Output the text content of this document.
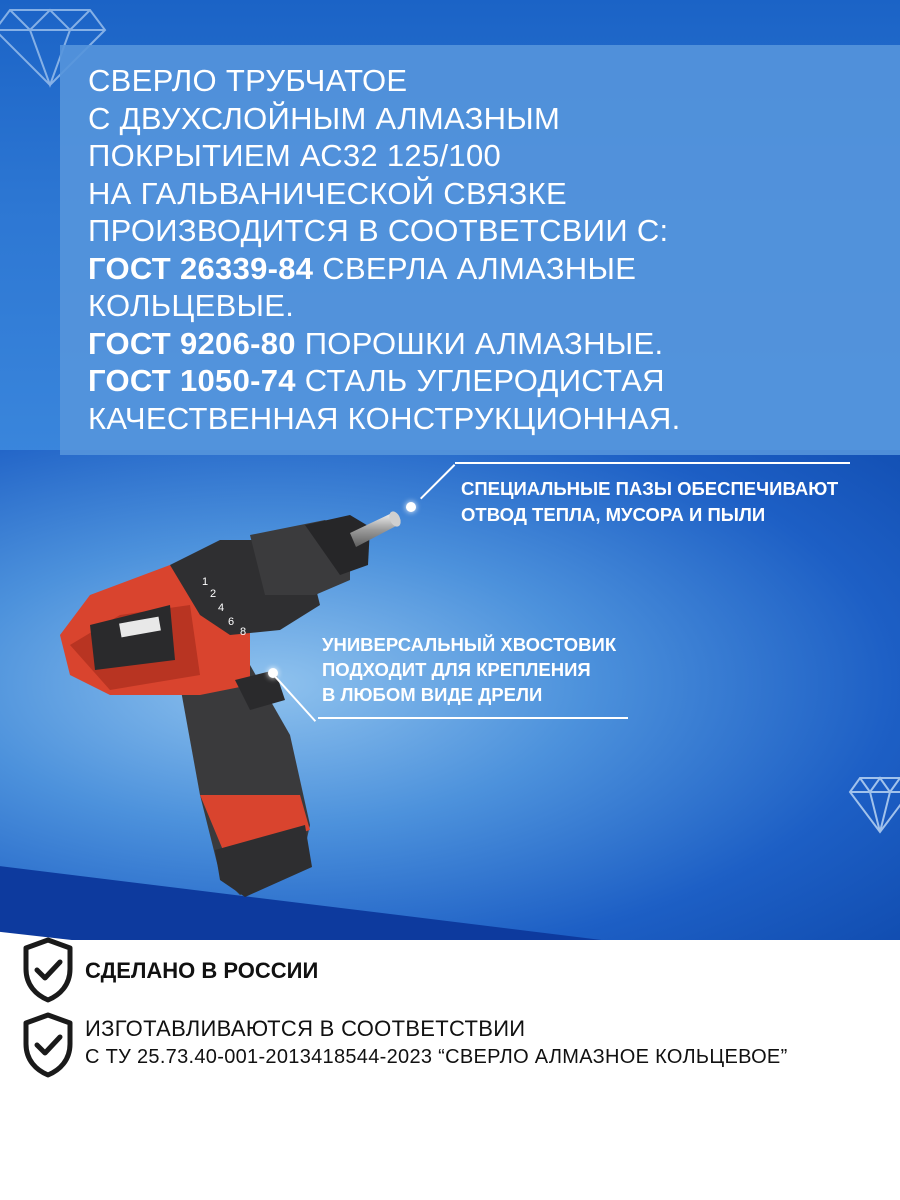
СВЕРЛО ТРУБЧАТОЕ
С ДВУХСЛОЙНЫМ АЛМАЗНЫМ
ПОКРЫТИЕМ АС32 125/100
НА ГАЛЬВАНИЧЕСКОЙ СВЯЗКЕ
ПРОИЗВОДИТСЯ В СООТВЕТСВИИ С:
ГОСТ 26339-84 СВЕРЛА АЛМАЗНЫЕ
КОЛЬЦЕВЫЕ.
ГОСТ 9206-80 ПОРОШКИ АЛМАЗНЫЕ.
ГОСТ 1050-74 СТАЛЬ УГЛЕРОДИСТАЯ
КАЧЕСТВЕННАЯ КОНСТРУКЦИОННАЯ.
1
2
4
6
8
СПЕЦИАЛЬНЫЕ ПАЗЫ ОБЕСПЕЧИВАЮТ
ОТВОД ТЕПЛА, МУСОРА И ПЫЛИ
УНИВЕРСАЛЬНЫЙ ХВОСТОВИК
ПОДХОДИТ ДЛЯ КРЕПЛЕНИЯ
В ЛЮБОМ ВИДЕ ДРЕЛИ
СДЕЛАНО В РОССИИ
ИЗГОТАВЛИВАЮТСЯ В СООТВЕТСТВИИ
С ТУ 25.73.40-001-2013418544-2023 “СВЕРЛО АЛМАЗНОЕ КОЛЬЦЕВОЕ”
